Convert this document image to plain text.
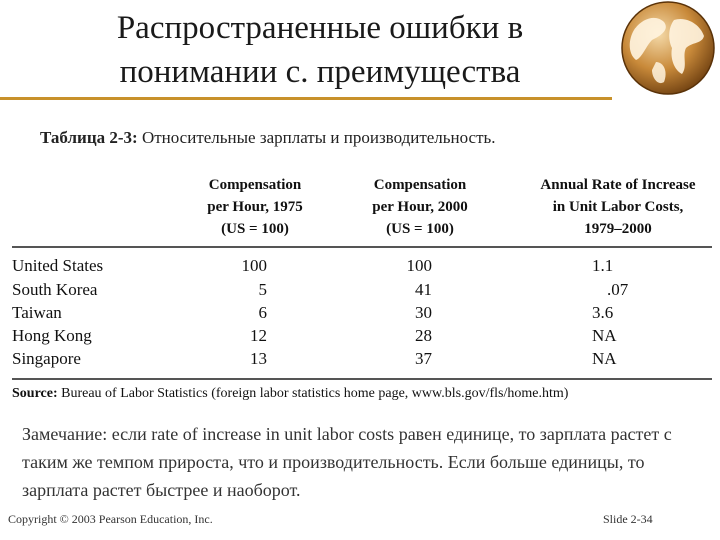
Распространенные ошибки в
понимании с. преимущества
Таблица 2-3: Относительные зарплаты и производительность.
Compensation
per Hour, 1975
(US = 100)
Compensation
per Hour, 2000
(US = 100)
Annual Rate of Increase
in Unit Labor Costs,
1979–2000
United States	100	100	1.1
South Korea	5	41	.07
Taiwan	6	30	3.6
Hong Kong	12	28	NA
Singapore	13	37	NA
Source: Bureau of Labor Statistics (foreign labor statistics home page, www.bls.gov/fls/home.htm)
Замечание: если rate of increase in unit labor costs равен единице, то зарплата растет с таким же темпом прироста, что и производительность. Если больше единицы, то зарплата растет быстрее и наоборот.
Copyright © 2003 Pearson Education, Inc.	Slide 2-34
